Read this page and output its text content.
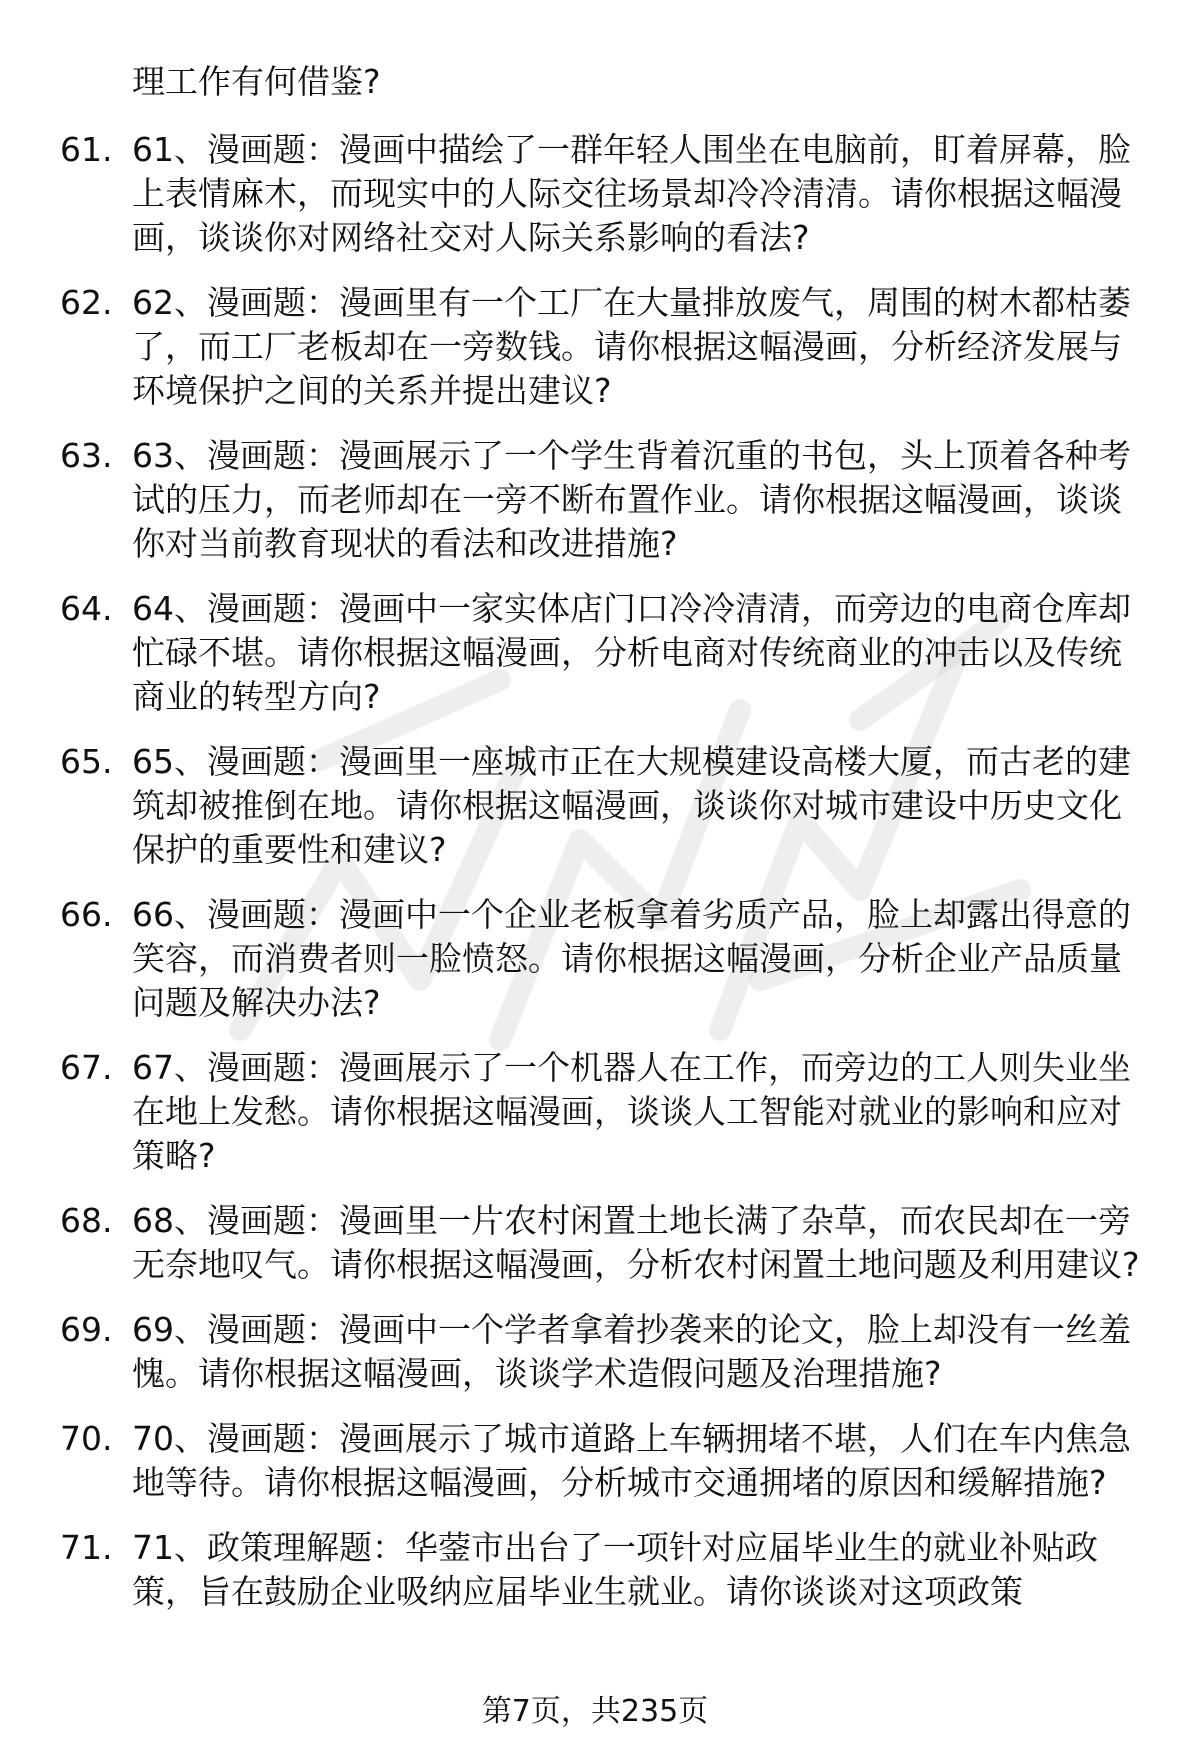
理工作有何借鉴?

61. 61、漫画题：漫画中描绘了一群年轻人围坐在电脑前，盯着屏幕，脸上表情麻木，而现实中的人际交往场景却冷冷清清。请你根据这幅漫画，谈谈你对网络社交对人际关系影响的看法?
62. 62、漫画题：漫画里有一个工厂在大量排放废气，周围的树木都枯萎了，而工厂老板却在一旁数钱。请你根据这幅漫画，分析经济发展与环境保护之间的关系并提出建议?
63. 63、漫画题：漫画展示了一个学生背着沉重的书包，头上顶着各种考试的压力，而老师却在一旁不断布置作业。请你根据这幅漫画，谈谈你对当前教育现状的看法和改进措施?
64. 64、漫画题：漫画中一家实体店门口冷冷清清，而旁边的电商仓库却忙碌不堪。请你根据这幅漫画，分析电商对传统商业的冲击以及传统商业的转型方向?
65. 65、漫画题：漫画里一座城市正在大规模建设高楼大厦，而古老的建筑却被推倒在地。请你根据这幅漫画，谈谈你对城市建设中历史文化保护的重要性和建议?
66. 66、漫画题：漫画中一个企业老板拿着劣质产品，脸上却露出得意的笑容，而消费者则一脸愤怒。请你根据这幅漫画，分析企业产品质量问题及解决办法?
67. 67、漫画题：漫画展示了一个机器人在工作，而旁边的工人则失业坐在地上发愁。请你根据这幅漫画，谈谈人工智能对就业的影响和应对策略?
68. 68、漫画题：漫画里一片农村闲置土地长满了杂草，而农民却在一旁无奈地叹气。请你根据这幅漫画，分析农村闲置土地问题及利用建议?
69. 69、漫画题：漫画中一个学者拿着抄袭来的论文，脸上却没有一丝羞愧。请你根据这幅漫画，谈谈学术造假问题及治理措施?
70. 70、漫画题：漫画展示了城市道路上车辆拥堵不堪，人们在车内焦急地等待。请你根据这幅漫画，分析城市交通拥堵的原因和缓解措施?
71. 71、政策理解题：华蓥市出台了一项针对应届毕业生的就业补贴政策，旨在鼓励企业吸纳应届毕业生就业。请你谈谈对这项政策
第7页，共235页
